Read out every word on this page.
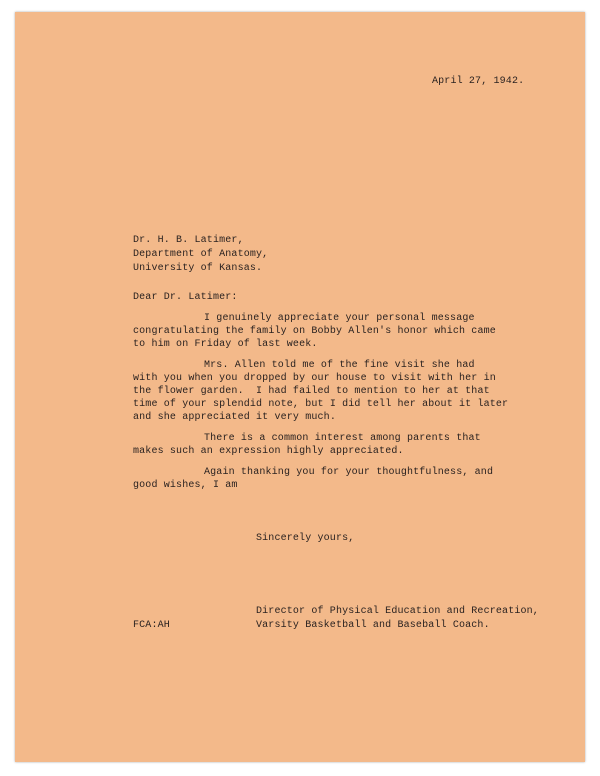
April 27, 1942.
Dr. H. B. Latimer,
Department of Anatomy,
University of Kansas.
Dear Dr. Latimer:
I genuinely appreciate your personal message
congratulating the family on Bobby Allen's honor which came
to him on Friday of last week.
Mrs. Allen told me of the fine visit she had
with you when you dropped by our house to visit with her in
the flower garden.  I had failed to mention to her at that
time of your splendid note, but I did tell her about it later
and she appreciated it very much.
There is a common interest among parents that
makes such an expression highly appreciated.
Again thanking you for your thoughtfulness, and
good wishes, I am
Sincerely yours,
Director of Physical Education and Recreation,
Varsity Basketball and Baseball Coach.
FCA:AH
